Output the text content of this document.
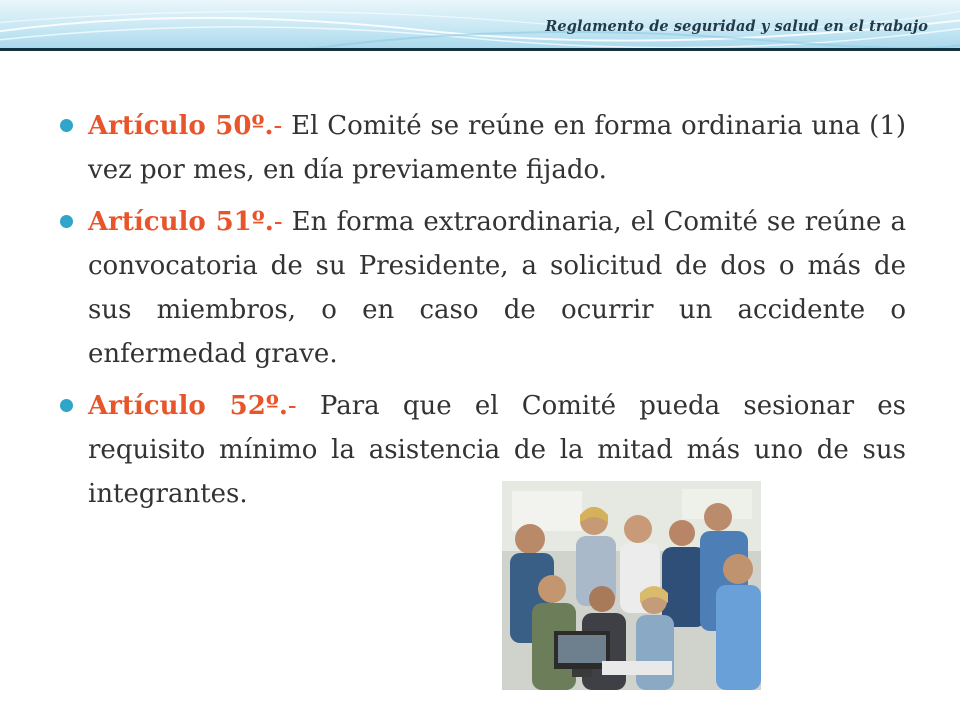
Reglamento de seguridad y salud en el trabajo
Artículo 50º.- El Comité se reúne en forma ordinaria una (1) vez por mes, en día previamente fijado.
Artículo 51º.- En forma extraordinaria, el Comité se reúne a convocatoria de su Presidente, a solicitud de dos o más de sus miembros, o en caso de ocurrir un accidente o enfermedad grave.
Artículo 52º.- Para que el Comité pueda sesionar es requisito mínimo la asistencia de la mitad más uno de sus integrantes.
